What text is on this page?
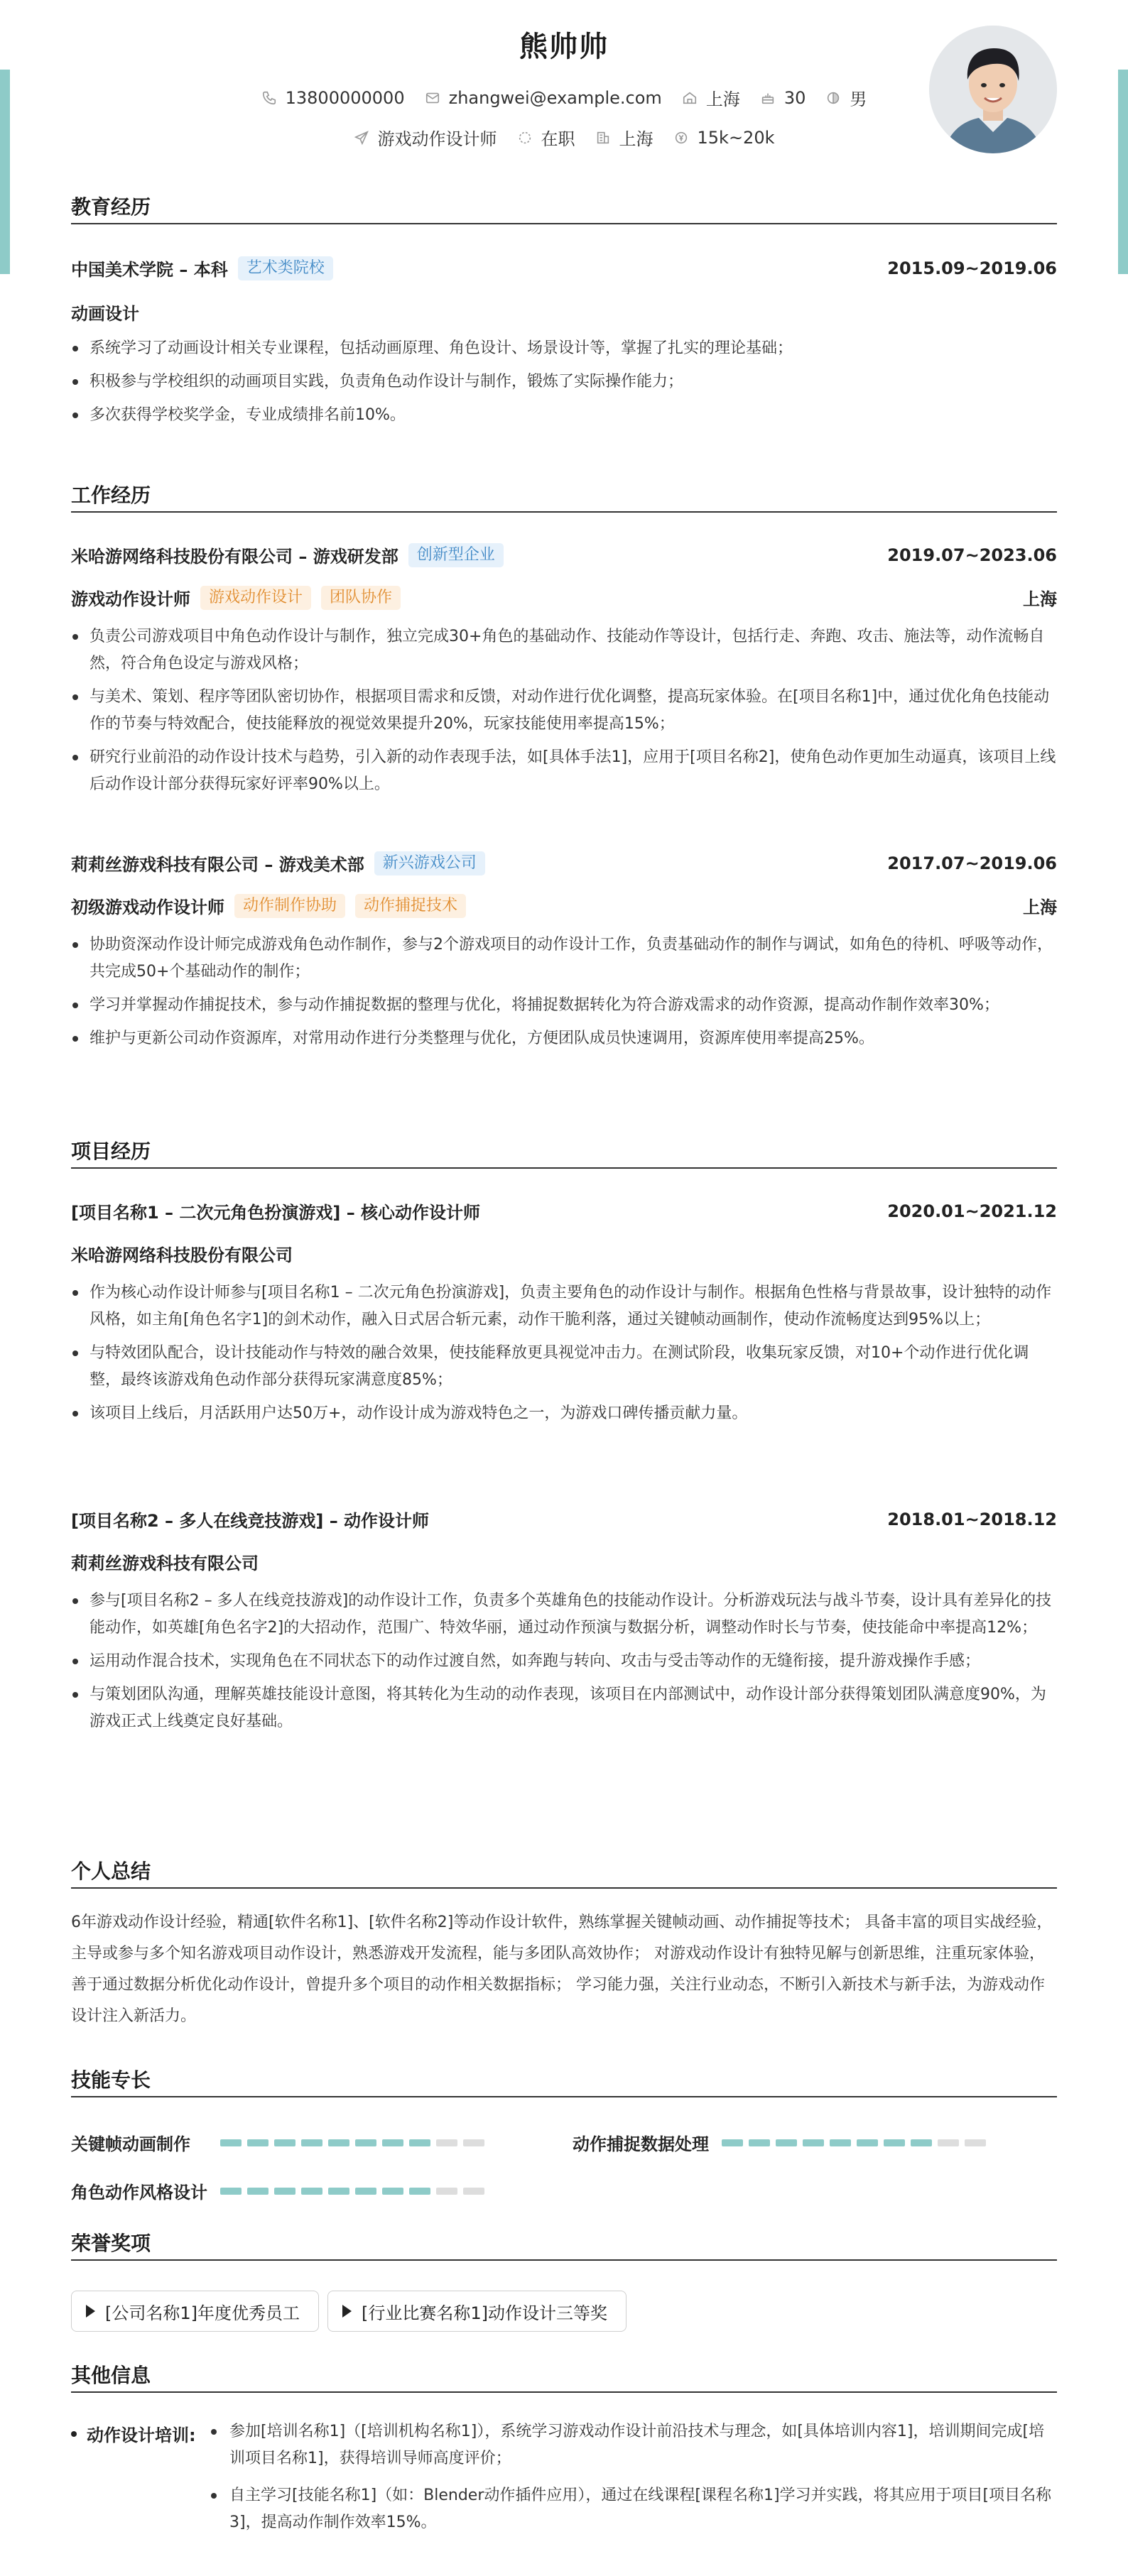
熊帅帅
13800000000	zhangwei@example.com	上海	30	男
游戏动作设计师	在职	上海	15k~20k
教育经历
中国美术学院 – 本科	艺术类院校	2015.09~2019.06
动画设计
系统学习了动画设计相关专业课程，包括动画原理、角色设计、场景设计等，掌握了扎实的理论基础；
积极参与学校组织的动画项目实践，负责角色动作设计与制作，锻炼了实际操作能力；
多次获得学校奖学金，专业成绩排名前10%。
工作经历
米哈游网络科技股份有限公司 – 游戏研发部	创新型企业	2019.07~2023.06
游戏动作设计师	游戏动作设计	团队协作	上海
负责公司游戏项目中角色动作设计与制作，独立完成30+角色的基础动作、技能动作等设计，包括行走、奔跑、攻击、施法等，动作流畅自然，符合角色设定与游戏风格；
与美术、策划、程序等团队密切协作，根据项目需求和反馈，对动作进行优化调整，提高玩家体验。在[项目名称1]中，通过优化角色技能动作的节奏与特效配合，使技能释放的视觉效果提升20%，玩家技能使用率提高15%；
研究行业前沿的动作设计技术与趋势，引入新的动作表现手法，如[具体手法1]，应用于[项目名称2]，使角色动作更加生动逼真，该项目上线后动作设计部分获得玩家好评率90%以上。
莉莉丝游戏科技有限公司 – 游戏美术部	新兴游戏公司	2017.07~2019.06
初级游戏动作设计师	动作制作协助	动作捕捉技术	上海
协助资深动作设计师完成游戏角色动作制作，参与2个游戏项目的动作设计工作，负责基础动作的制作与调试，如角色的待机、呼吸等动作，共完成50+个基础动作的制作；
学习并掌握动作捕捉技术，参与动作捕捉数据的整理与优化，将捕捉数据转化为符合游戏需求的动作资源，提高动作制作效率30%；
维护与更新公司动作资源库，对常用动作进行分类整理与优化，方便团队成员快速调用，资源库使用率提高25%。
项目经历
[项目名称1 – 二次元角色扮演游戏] – 核心动作设计师	2020.01~2021.12
米哈游网络科技股份有限公司
作为核心动作设计师参与[项目名称1 – 二次元角色扮演游戏]，负责主要角色的动作设计与制作。根据角色性格与背景故事，设计独特的动作风格，如主角[角色名字1]的剑术动作，融入日式居合斩元素，动作干脆利落，通过关键帧动画制作，使动作流畅度达到95%以上；
与特效团队配合，设计技能动作与特效的融合效果，使技能释放更具视觉冲击力。在测试阶段，收集玩家反馈，对10+个动作进行优化调整，最终该游戏角色动作部分获得玩家满意度85%；
该项目上线后，月活跃用户达50万+，动作设计成为游戏特色之一，为游戏口碑传播贡献力量。
[项目名称2 – 多人在线竞技游戏] – 动作设计师	2018.01~2018.12
莉莉丝游戏科技有限公司
参与[项目名称2 – 多人在线竞技游戏]的动作设计工作，负责多个英雄角色的技能动作设计。分析游戏玩法与战斗节奏，设计具有差异化的技能动作，如英雄[角色名字2]的大招动作，范围广、特效华丽，通过动作预演与数据分析，调整动作时长与节奏，使技能命中率提高12%；
运用动作混合技术，实现角色在不同状态下的动作过渡自然，如奔跑与转向、攻击与受击等动作的无缝衔接，提升游戏操作手感；
与策划团队沟通，理解英雄技能设计意图，将其转化为生动的动作表现，该项目在内部测试中，动作设计部分获得策划团队满意度90%，为游戏正式上线奠定良好基础。
个人总结
6年游戏动作设计经验，精通[软件名称1]、[软件名称2]等动作设计软件，熟练掌握关键帧动画、动作捕捉等技术； 具备丰富的项目实战经验，主导或参与多个知名游戏项目动作设计，熟悉游戏开发流程，能与多团队高效协作； 对游戏动作设计有独特见解与创新思维，注重玩家体验，善于通过数据分析优化动作设计，曾提升多个项目的动作相关数据指标； 学习能力强，关注行业动态，不断引入新技术与新手法，为游戏动作设计注入新活力。
技能专长
关键帧动画制作	动作捕捉数据处理
角色动作风格设计
荣誉奖项
[公司名称1]年度优秀员工	[行业比赛名称1]动作设计三等奖
其他信息
动作设计培训:	参加[培训名称1]（[培训机构名称1]），系统学习游戏动作设计前沿技术与理念，如[具体培训内容1]，培训期间完成[培训项目名称1]，获得培训导师高度评价；
自主学习[技能名称1]（如：Blender动作插件应用），通过在线课程[课程名称1]学习并实践，将其应用于项目[项目名称3]，提高动作制作效率15%。
